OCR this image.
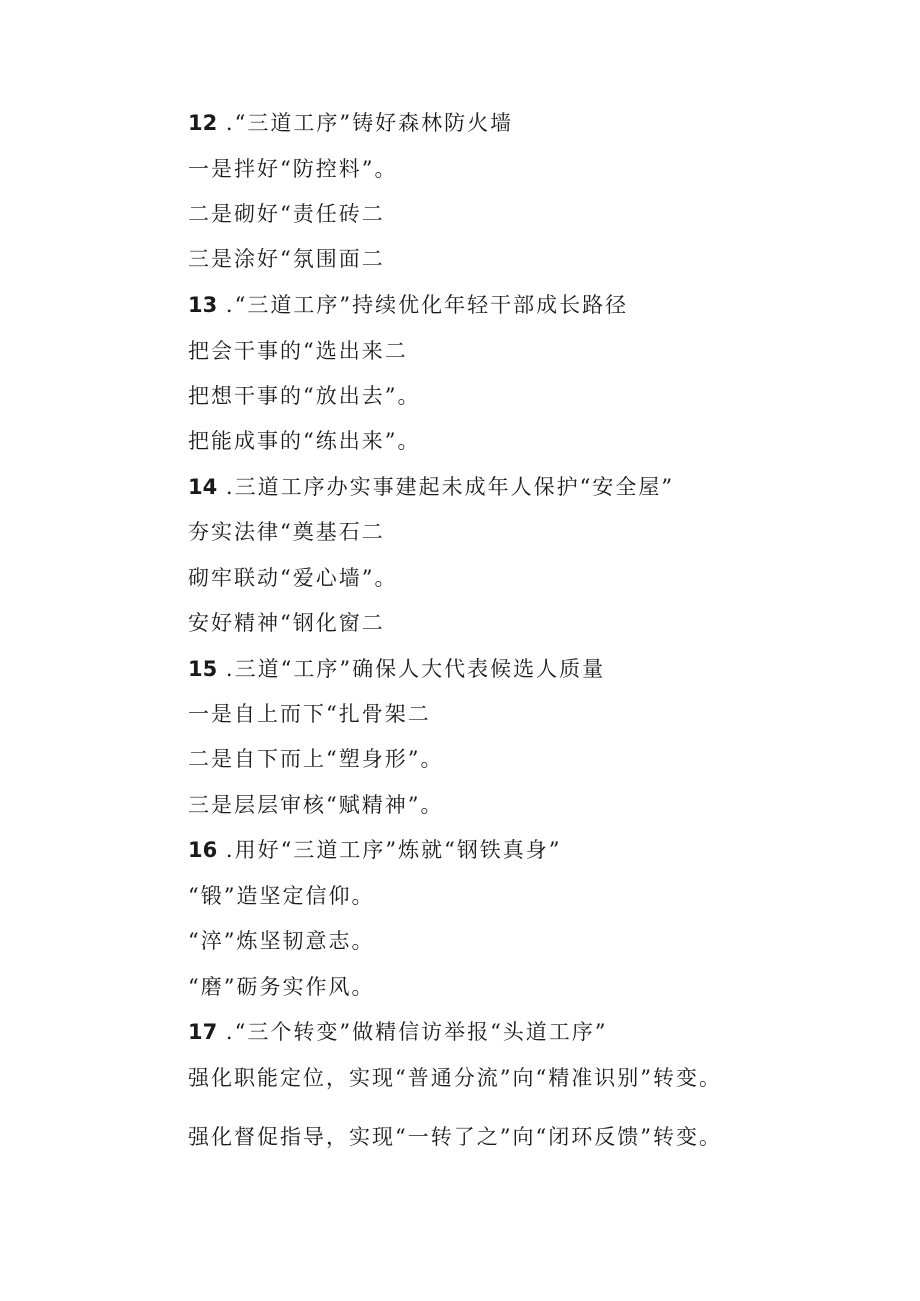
12 .“三道工序”铸好森林防火墙
一是拌好“防控料”。
二是砌好“责任砖二
三是涂好“氛围面二
13 .“三道工序”持续优化年轻干部成长路径
把会干事的“选出来二
把想干事的“放出去”。
把能成事的“练出来”。
14 .三道工序办实事建起未成年人保护“安全屋”
夯实法律“奠基石二
砌牢联动“爱心墙”。
安好精神“钢化窗二
15 .三道“工序”确保人大代表候选人质量
一是自上而下“扎骨架二
二是自下而上“塑身形”。
三是层层审核“赋精神”。
16 .用好“三道工序”炼就“钢铁真身”
“锻”造坚定信仰。
“淬”炼坚韧意志。
“磨”砺务实作风。
17 .“三个转变”做精信访举报“头道工序”
强化职能定位，实现“普通分流”向“精准识别”转变。
强化督促指导，实现“一转了之”向“闭环反馈”转变。
